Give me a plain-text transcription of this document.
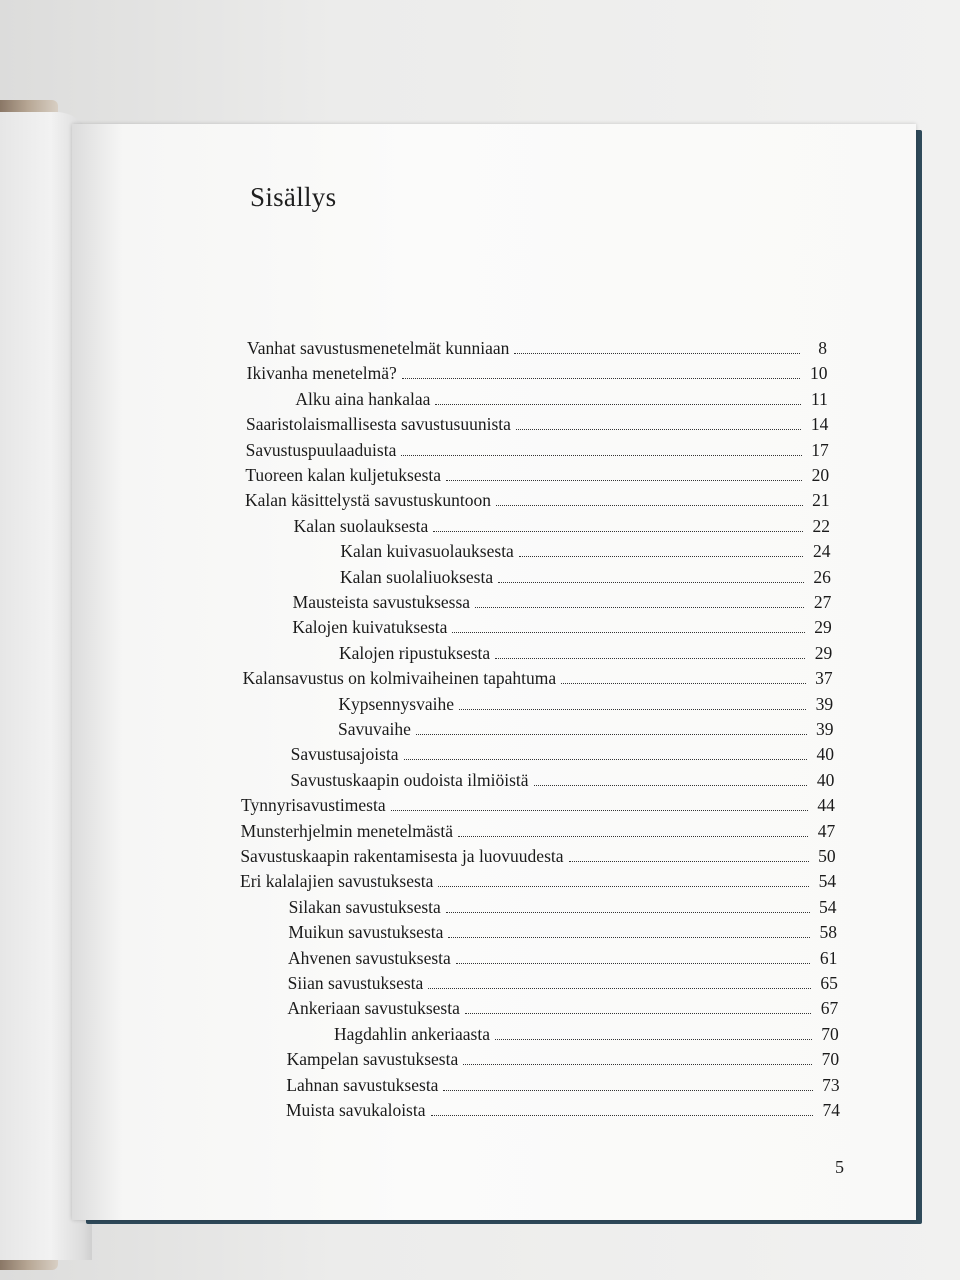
Sisällys
Vanhat savustusmenetelmät kunniaan	8
Ikivanha menetelmä?	10
Alku aina hankalaa	11
Saaristolaismallisesta savustusuunista	14
Savustuspuulaaduista	17
Tuoreen kalan kuljetuksesta	20
Kalan käsittelystä savustuskuntoon	21
Kalan suolauksesta	22
Kalan kuivasuolauksesta	24
Kalan suolaliuoksesta	26
Mausteista savustuksessa	27
Kalojen kuivatuksesta	29
Kalojen ripustuksesta	29
Kalansavustus on kolmivaiheinen tapahtuma	37
Kypsennysvaihe	39
Savuvaihe	39
Savustusajoista	40
Savustuskaapin oudoista ilmiöistä	40
Tynnyrisavustimesta	44
Munsterhjelmin menetelmästä	47
Savustuskaapin rakentamisesta ja luovuudesta	50
Eri kalalajien savustuksesta	54
Silakan savustuksesta	54
Muikun savustuksesta	58
Ahvenen savustuksesta	61
Siian savustuksesta	65
Ankeriaan savustuksesta	67
Hagdahlin ankeriaasta	70
Kampelan savustuksesta	70
Lahnan savustuksesta	73
Muista savukaloista	74
5
